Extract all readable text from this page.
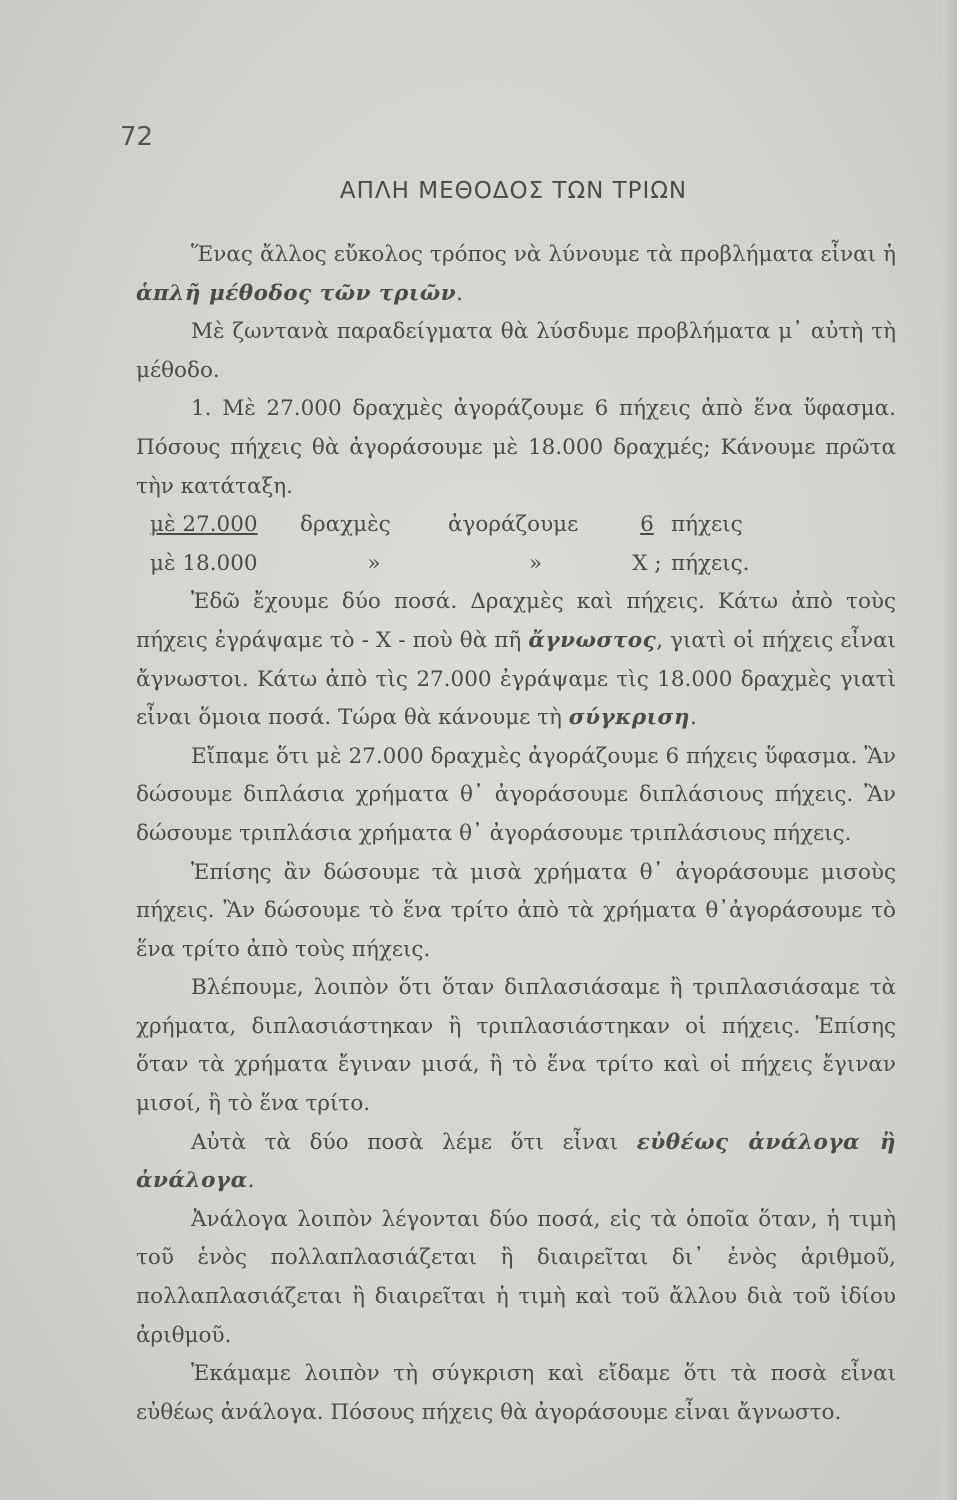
72
ΑΠΛΗ ΜΕΘΟΔΟΣ ΤΩΝ ΤΡΙΩΝ

Ἕνας ἄλλος εὔκολος τρόπος νὰ λύνουμε τὰ προβλήματα εἶναι ἡ ἁπλῆ μέθοδος τῶν τριῶν.

Μὲ ζωντανὰ παραδείγματα θὰ λύσδυμε προβλήματα μ᾽ αὐτὴ τὴ μέθοδο.

1. Μὲ 27.000 δραχμὲς ἀγοράζουμε 6 πήχεις ἀπὸ ἕνα ὕφασμα. Πόσους πήχεις θὰ ἀγοράσουμε μὲ 18.000 δραχμές; Κάνουμε πρῶτα τὴν κατάταξη.

μὲ 27.000	δραχμὲς	ἀγοράζουμε	6 πήχεις
μὲ 18.000	»	»	Χ ; πήχεις.

Ἐδῶ ἔχουμε δύο ποσά. Δραχμὲς καὶ πήχεις. Κάτω ἀπὸ τοὺς πήχεις ἐγράψαμε τὸ - Χ - ποὺ θὰ πῆ ἄγνωστος, γιατὶ οἱ πήχεις εἶναι ἄγνωστοι. Κάτω ἀπὸ τὶς 27.000 ἐγράψαμε τὶς 18.000 δραχμὲς γιατὶ εἶναι ὅμοια ποσά. Τώρα θὰ κάνουμε τὴ σύγκριση.

Εἴπαμε ὅτι μὲ 27.000 δραχμὲς ἀγοράζουμε 6 πήχεις ὕφασμα. Ἂν δώσουμε διπλάσια χρήματα θ᾽ ἀγοράσουμε διπλάσιους πήχεις. Ἂν δώσουμε τριπλάσια χρήματα θ᾽ ἀγοράσουμε τριπλάσιους πήχεις.

Ἐπίσης ἂν δώσουμε τὰ μισὰ χρήματα θ᾽ ἀγοράσουμε μισοὺς πήχεις. Ἂν δώσουμε τὸ ἕνα τρίτο ἀπὸ τὰ χρήματα θ᾽ἀγοράσουμε τὸ ἕνα τρίτο ἀπὸ τοὺς πήχεις.

Βλέπουμε, λοιπὸν ὅτι ὅταν διπλασιάσαμε ἢ τριπλασιάσαμε τὰ χρήματα, διπλασιάστηκαν ἢ τριπλασιάστηκαν οἱ πήχεις. Ἐπίσης ὅταν τὰ χρήματα ἔγιναν μισά, ἢ τὸ ἕνα τρίτο καὶ οἱ πήχεις ἔγιναν μισοί, ἢ τὸ ἕνα τρίτο.

Αὐτὰ τὰ δύο ποσὰ λέμε ὅτι εἶναι εὐθέως ἀνάλογα ἢ ἀνάλογα.

Ἀνάλογα λοιπὸν λέγονται δύο ποσά, εἰς τὰ ὁποῖα ὅταν, ἡ τιμὴ τοῦ ἑνὸς πολλαπλασιάζεται ἢ διαιρεῖται δι᾽ ἑνὸς ἀριθμοῦ, πολλαπλασιάζεται ἢ διαιρεῖται ἡ τιμὴ καὶ τοῦ ἄλλου διὰ τοῦ ἰδίου ἀριθμοῦ.

Ἐκάμαμε λοιπὸν τὴ σύγκριση καὶ εἴδαμε ὅτι τὰ ποσὰ εἶναι εὐθέως ἀνάλογα. Πόσους πήχεις θὰ ἀγοράσουμε εἶναι ἄγνωστο.
